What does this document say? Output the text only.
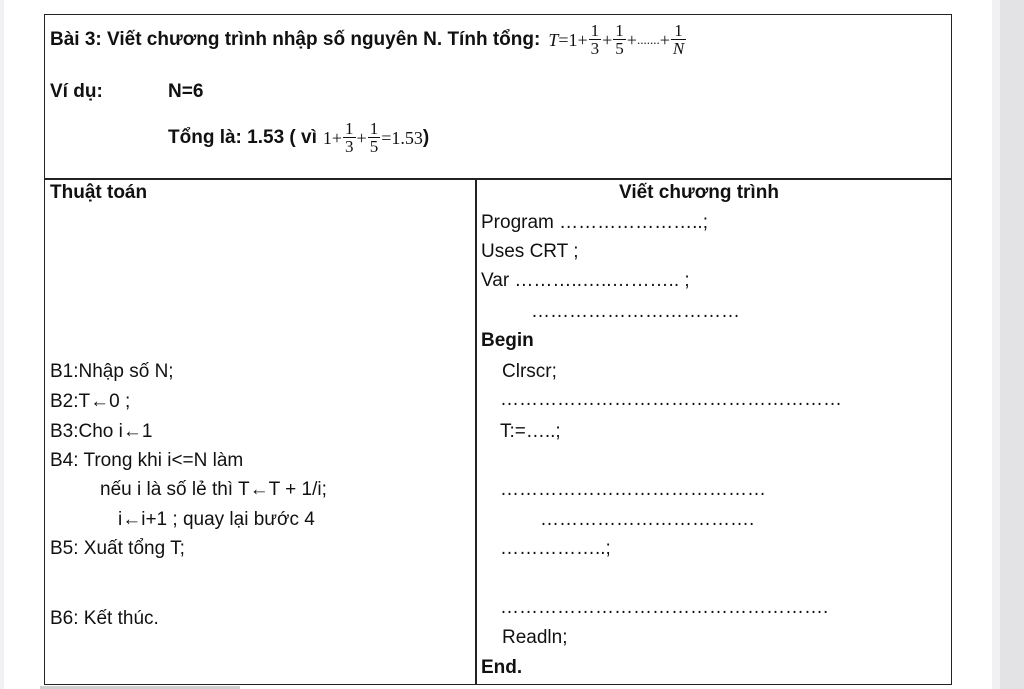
Bài 3: Viết chương trình nhập số nguyên N. Tính tổng: $T = 1 + \frac{1}{3} + \frac{1}{5}$ + ....... + $\frac{1}{N}$
Ví dụ:	N=6
Tổng là: 1.53 ( vì $1 + \frac{1}{3} + \frac{1}{5} =1.53$ )
Thuật toán	Viết chương trình
B1:Nhập số N;
B2:T←0 ;
B3:Cho i←1
B4: Trong khi i<=N làm
nếu i là số lẻ thì T←T + 1/i;
i←i+1 ; quay lại bước 4
B5: Xuất tổng T;
B6: Kết thúc.
Program …………………..;
Uses CRT ;
Var ………..…..……….. ;
……………………………
Begin
Clrscr;
………………………………………………
T:=…..;
……………………………………
…………………………….
……………..;
…………………………………………….
Readln;
End.
